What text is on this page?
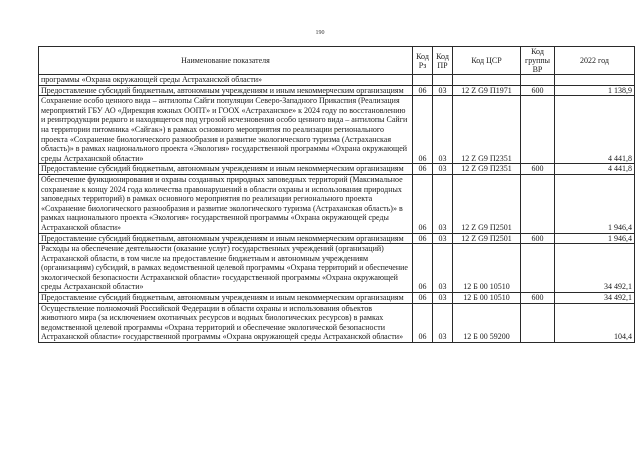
190
Наименование показателя	Код Рз	Код ПР	Код ЦСР	Код группы ВР	2022 год
программы «Охрана окружающей среды Астраханской области»					
Предоставление субсидий бюджетным, автономным учреждениям и иным некоммерческим организациям	06	03	12 Z G9 П1971	600	1 138,9
Сохранение особо ценного вида – антилопы Сайги популяции Северо-Западного Прикаспия (Реализация мероприятий ГБУ АО «Дирекция южных ООПТ» и ГООХ «Астраханское» к 2024 году по восстановлению и реинтродукции редкого и находящегося под угрозой исчезновения особо ценного вида – антилопы Сайги на территории питомника «Сайгак») в рамках основного мероприятия по реализации регионального проекта «Сохранение биологического разнообразия и развитие экологического туризма (Астраханская область)» в рамках национального проекта «Экология» государственной программы «Охрана окружающей среды Астраханской области»	06	03	12 Z G9 П2351		4 441,8
Предоставление субсидий бюджетным, автономным учреждениям и иным некоммерческим организациям	06	03	12 Z G9 П2351	600	4 441,8
Обеспечение функционирования и охраны созданных природных заповедных территорий (Максимальное сохранение к концу 2024 года количества правонарушений в области охраны и использования природных заповедных территорий) в рамках основного мероприятия по реализации регионального проекта «Сохранение биологического разнообразия и развитие экологического туризма (Астраханская область)» в рамках национального проекта «Экология» государственной программы «Охрана окружающей среды Астраханской области»	06	03	12 Z G9 П2501		1 946,4
Предоставление субсидий бюджетным, автономным учреждениям и иным некоммерческим организациям	06	03	12 Z G9 П2501	600	1 946,4
Расходы на обеспечение деятельности (оказание услуг) государственных учреждений (организаций) Астраханской области, в том числе на предоставление бюджетным и автономным учреждениям (организациям) субсидий, в рамках ведомственной целевой программы «Охрана территорий и обеспечение экологической безопасности Астраханской области» государственной программы «Охрана окружающей среды Астраханской области»	06	03	12 Б 00 10510		34 492,1
Предоставление субсидий бюджетным, автономным учреждениям и иным некоммерческим организациям	06	03	12 Б 00 10510	600	34 492,1
Осуществление полномочий Российской Федерации в области охраны и использования объектов животного мира (за исключением охотничьих ресурсов и водных биологических ресурсов) в рамках ведомственной целевой программы «Охрана территорий и обеспечение экологической безопасности Астраханской области» государственной программы «Охрана окружающей среды Астраханской области»	06	03	12 Б 00 59200		104,4
